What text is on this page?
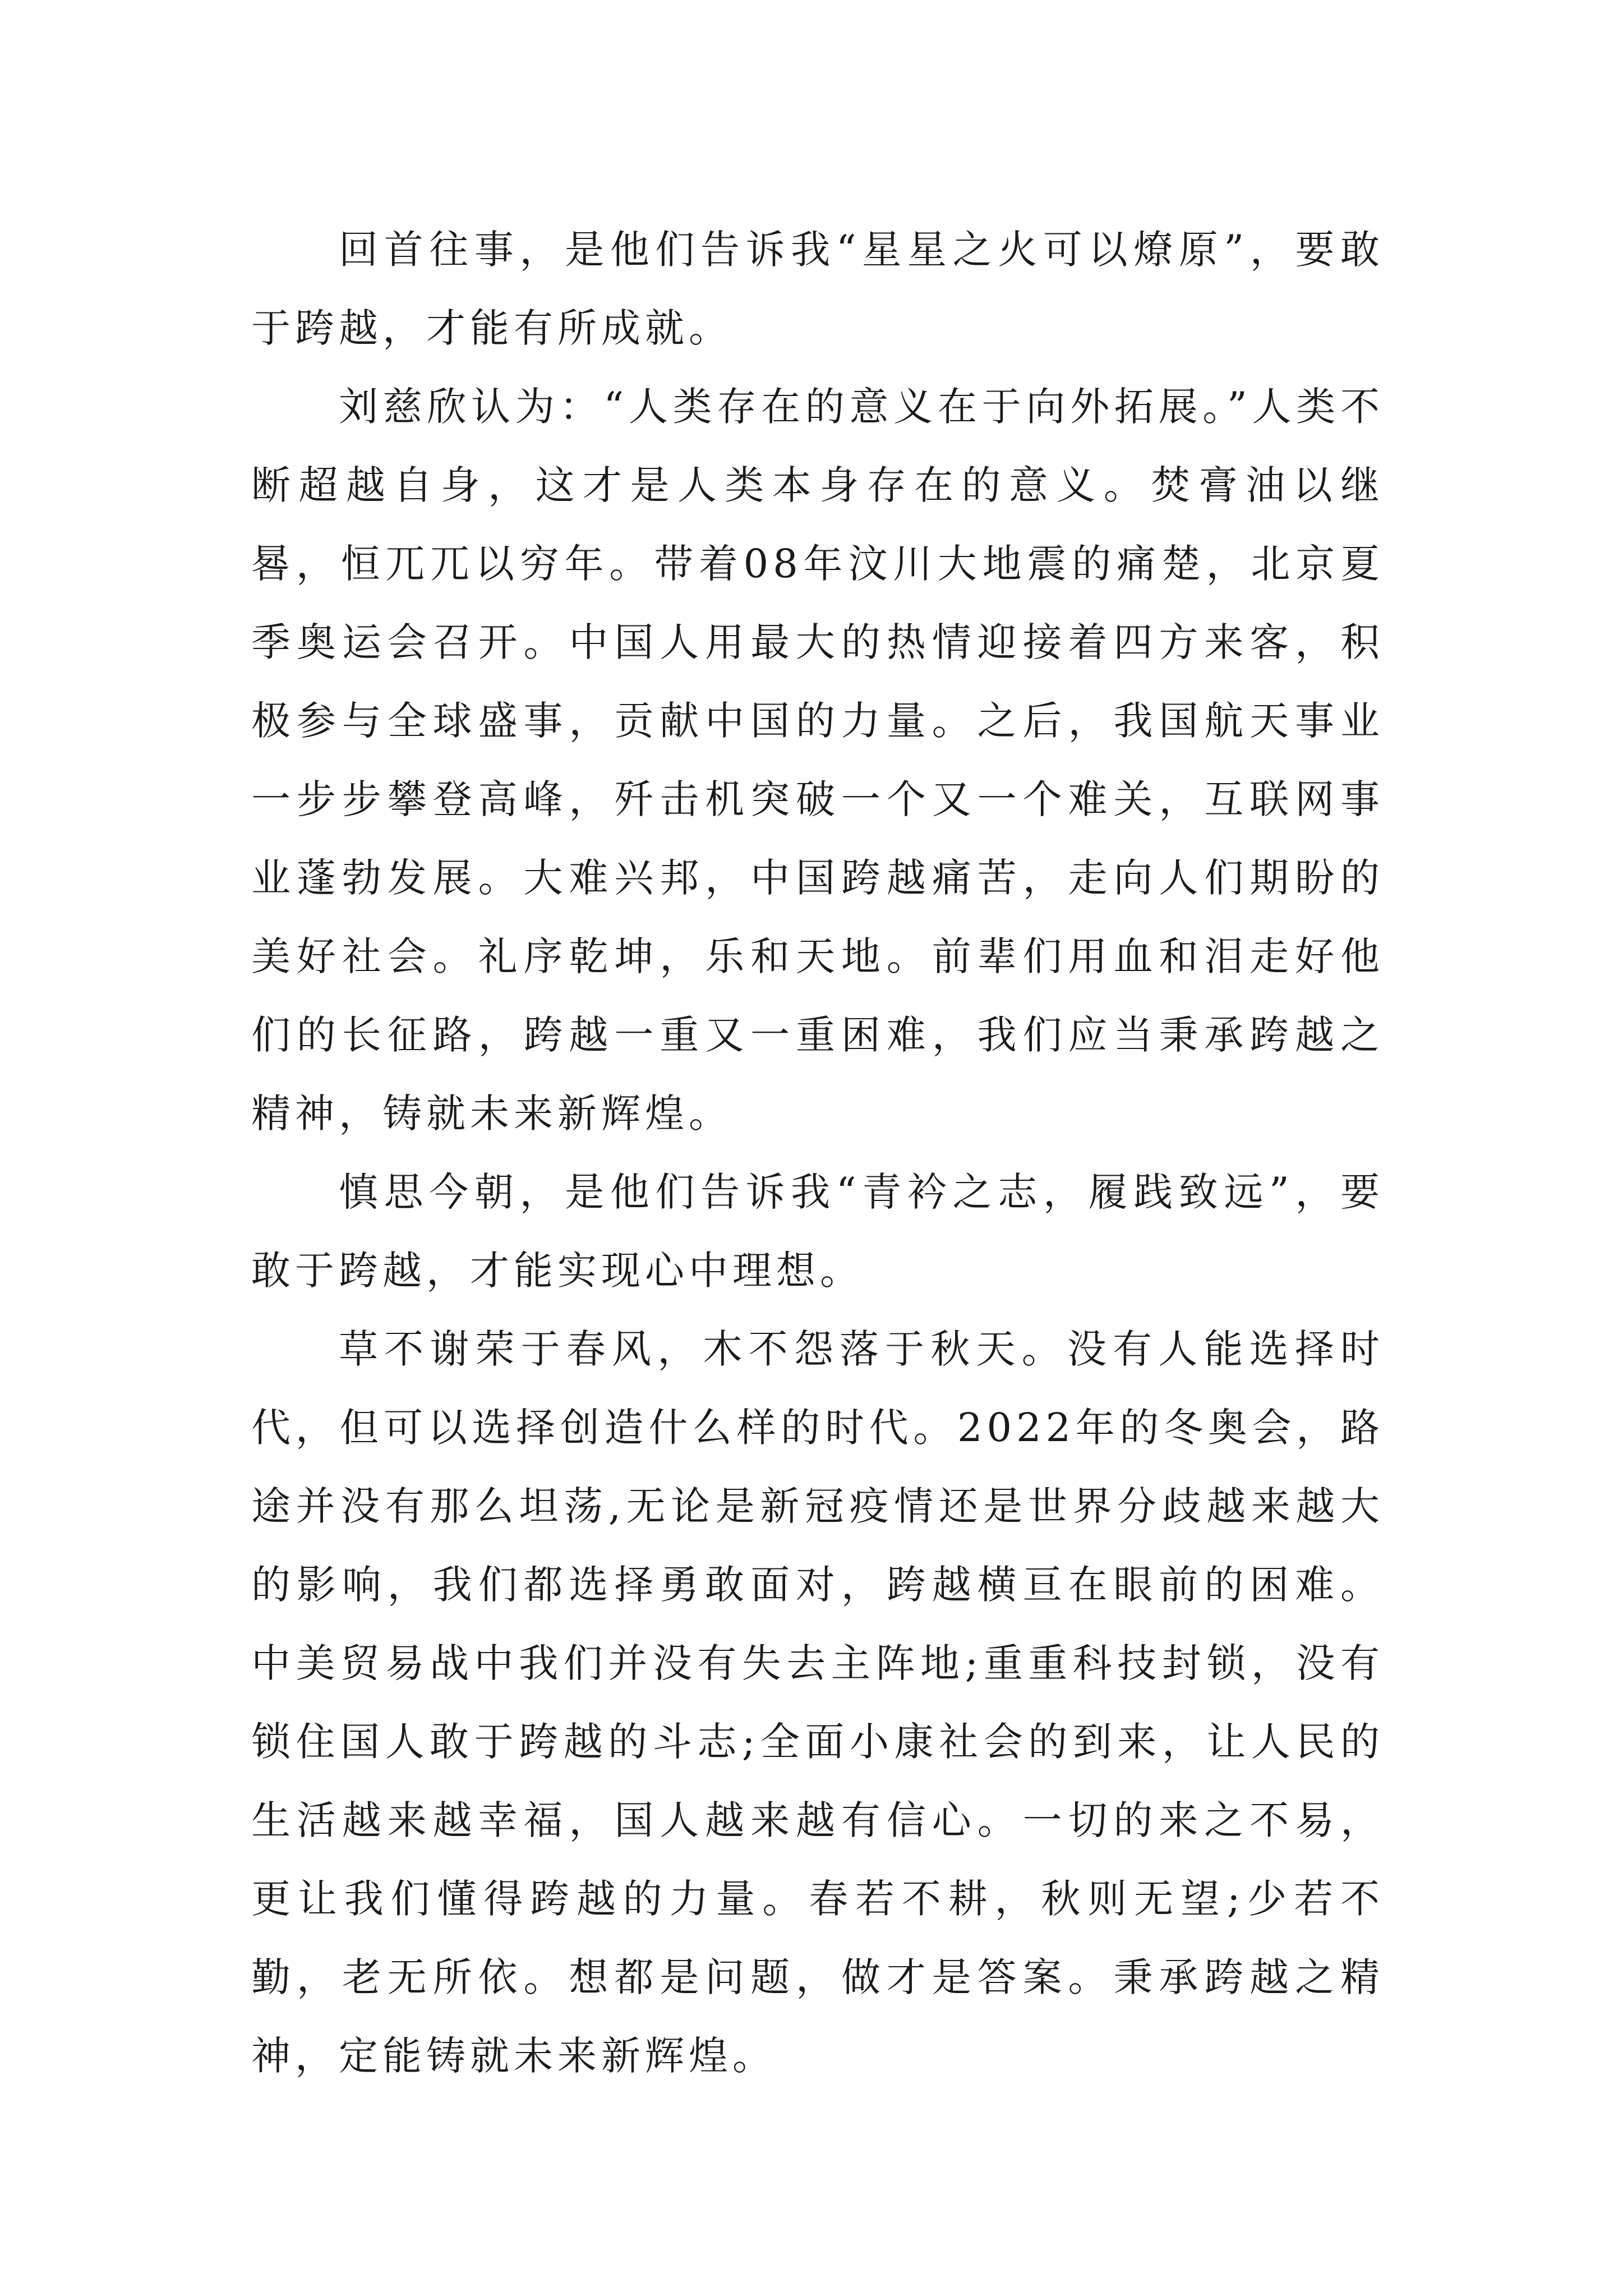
回首往事，是他们告诉我“星星之火可以燎原”，要敢于跨越，才能有所成就。

刘慈欣认为：“人类存在的意义在于向外拓展。”人类不断超越自身，这才是人类本身存在的意义。焚膏油以继晷，恒兀兀以穷年。带着08年汶川大地震的痛楚，北京夏季奥运会召开。中国人用最大的热情迎接着四方来客，积极参与全球盛事，贡献中国的力量。之后，我国航天事业一步步攀登高峰，歼击机突破一个又一个难关，互联网事业蓬勃发展。大难兴邦，中国跨越痛苦，走向人们期盼的美好社会。礼序乾坤，乐和天地。前辈们用血和泪走好他们的长征路，跨越一重又一重困难，我们应当秉承跨越之精神，铸就未来新辉煌。

慎思今朝，是他们告诉我“青衿之志，履践致远”，要敢于跨越，才能实现心中理想。

草不谢荣于春风，木不怨落于秋天。没有人能选择时代，但可以选择创造什么样的时代。2022年的冬奥会，路途并没有那么坦荡,无论是新冠疫情还是世界分歧越来越大的影响，我们都选择勇敢面对，跨越横亘在眼前的困难。中美贸易战中我们并没有失去主阵地;重重科技封锁，没有锁住国人敢于跨越的斗志;全面小康社会的到来，让人民的生活越来越幸福，国人越来越有信心。一切的来之不易，更让我们懂得跨越的力量。春若不耕，秋则无望;少若不勤，老无所依。想都是问题，做才是答案。秉承跨越之精神，定能铸就未来新辉煌。
